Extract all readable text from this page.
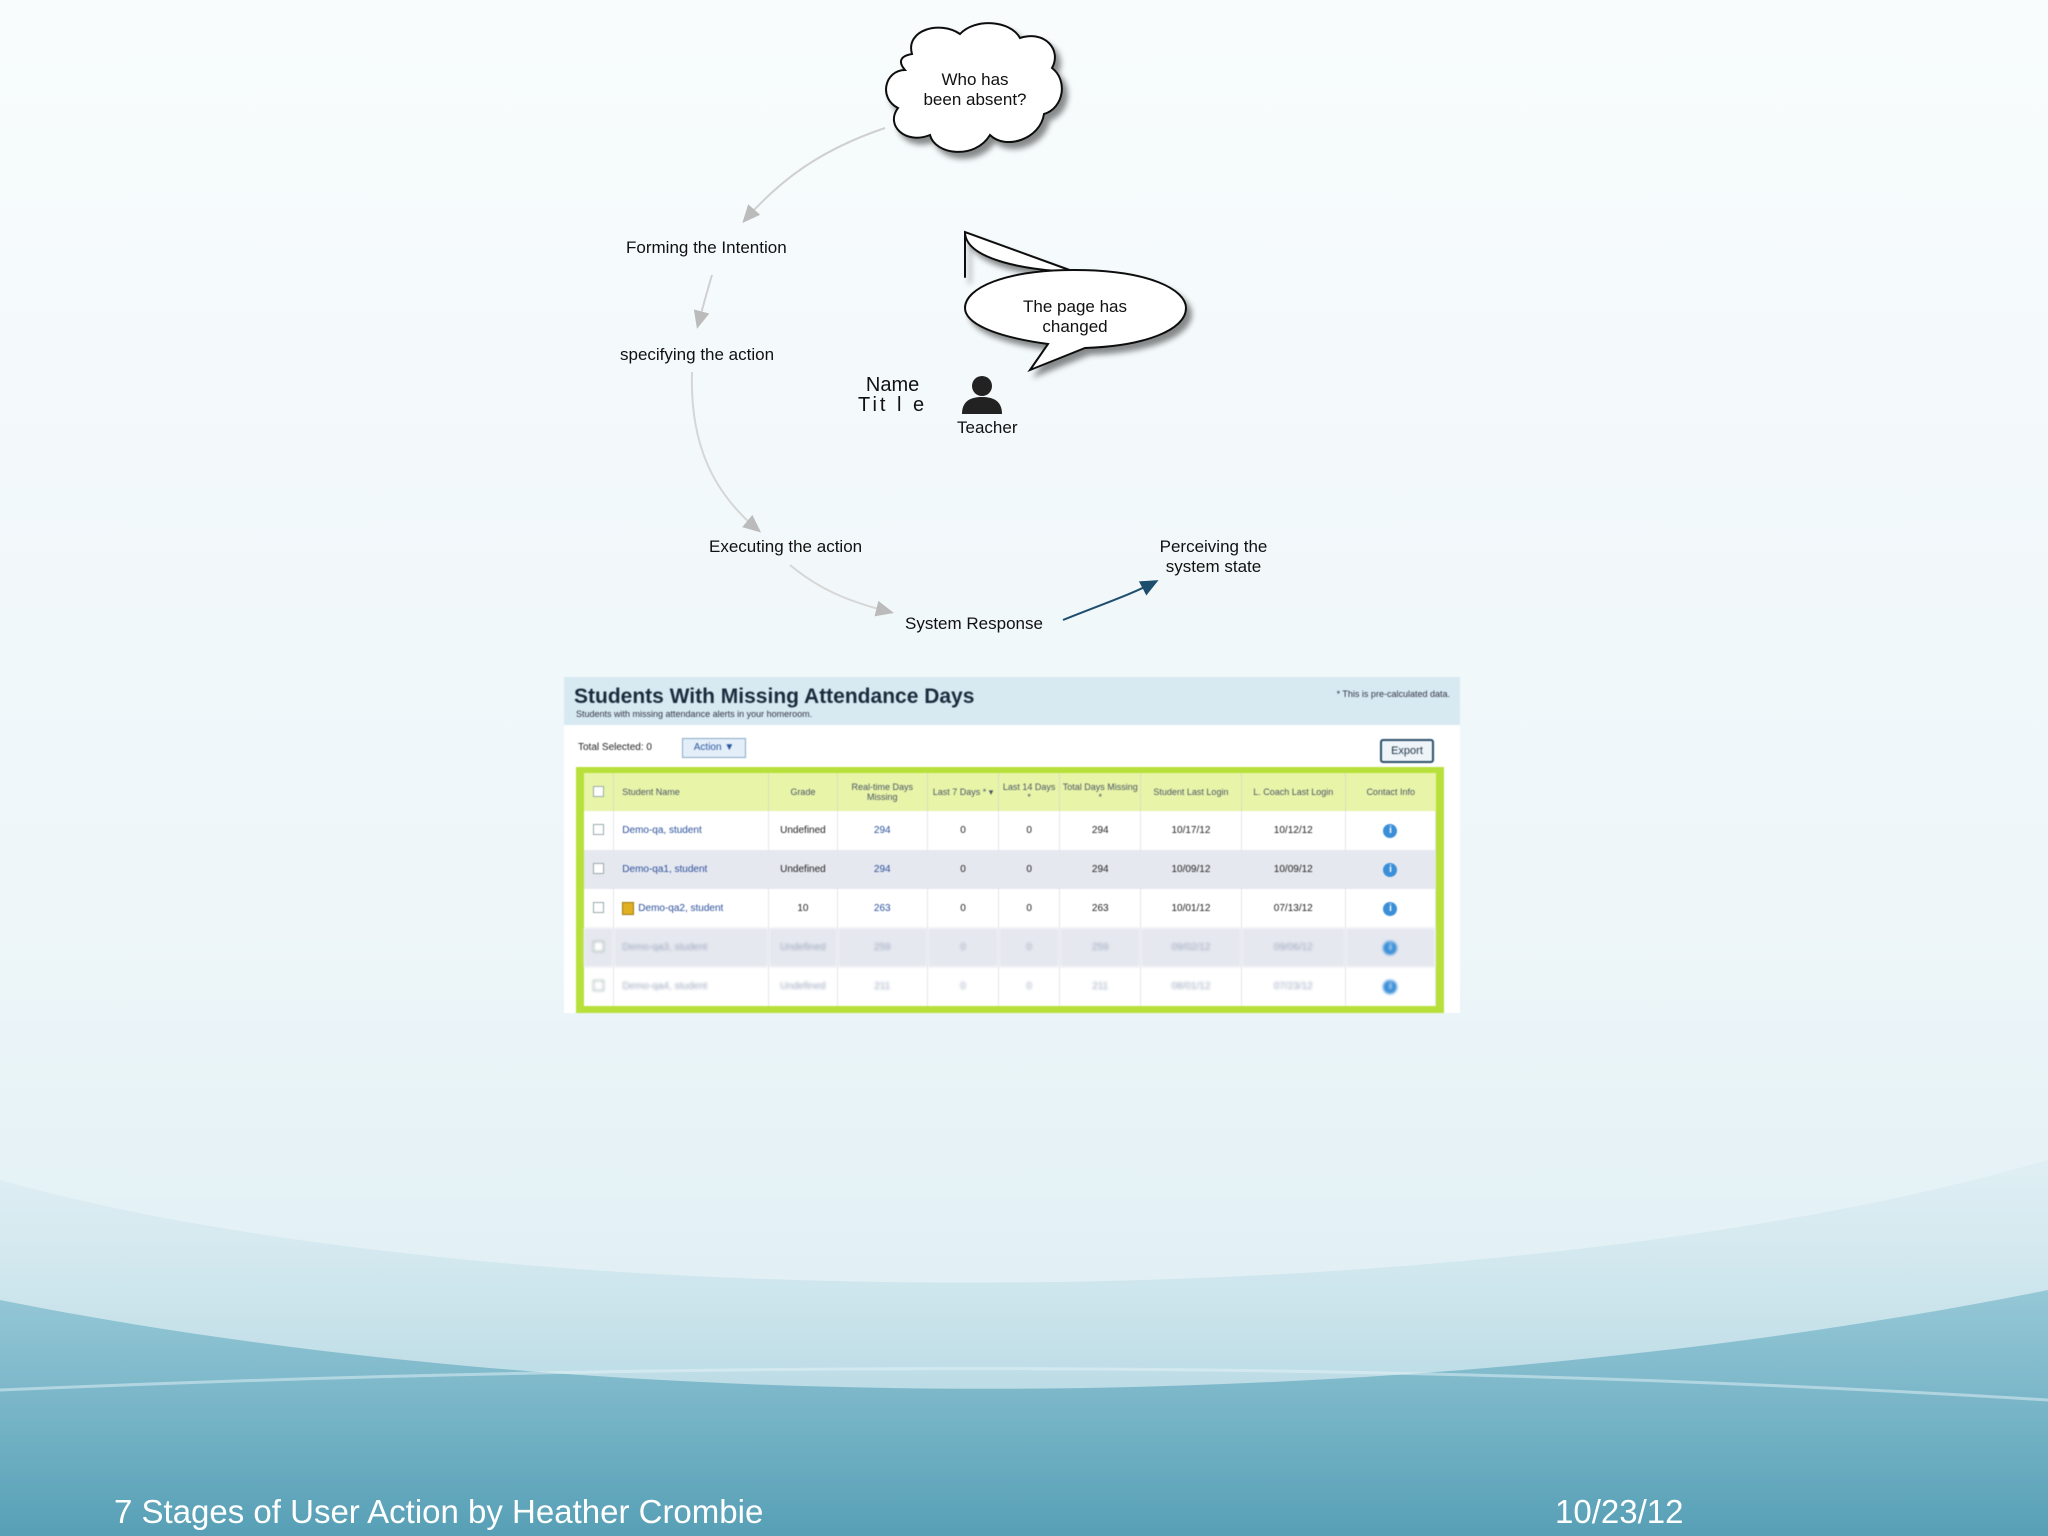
Who has
been absent?
The page has
changed
Forming the Intention
specifying the action
Executing the action
System Response
Perceiving the
system state
Name
Tit l e
Teacher
Students With Missing Attendance Days
Students with missing attendance alerts in your homeroom.
* This is pre-calculated data.
Total Selected: 0	Action ▼	Export
	Student Name	Grade	Real-time Days Missing	Last 7 Days * ▾	Last 14 Days *	Total Days Missing *	Student Last Login	L. Coach Last Login	Contact Info
	Demo-qa, student	Undefined	294	0	0	294	10/17/12	10/12/12	i
	Demo-qa1, student	Undefined	294	0	0	294	10/09/12	10/09/12	i
	Demo-qa2, student	10	263	0	0	263	10/01/12	07/13/12	i
	Demo-qa3, student	Undefined	259	0	0	259	09/02/12	09/06/12	i
	Demo-qa4, student	Undefined	211	0	0	211	08/01/12	07/23/12	i
7 Stages of User Action by Heather Crombie	10/23/12
